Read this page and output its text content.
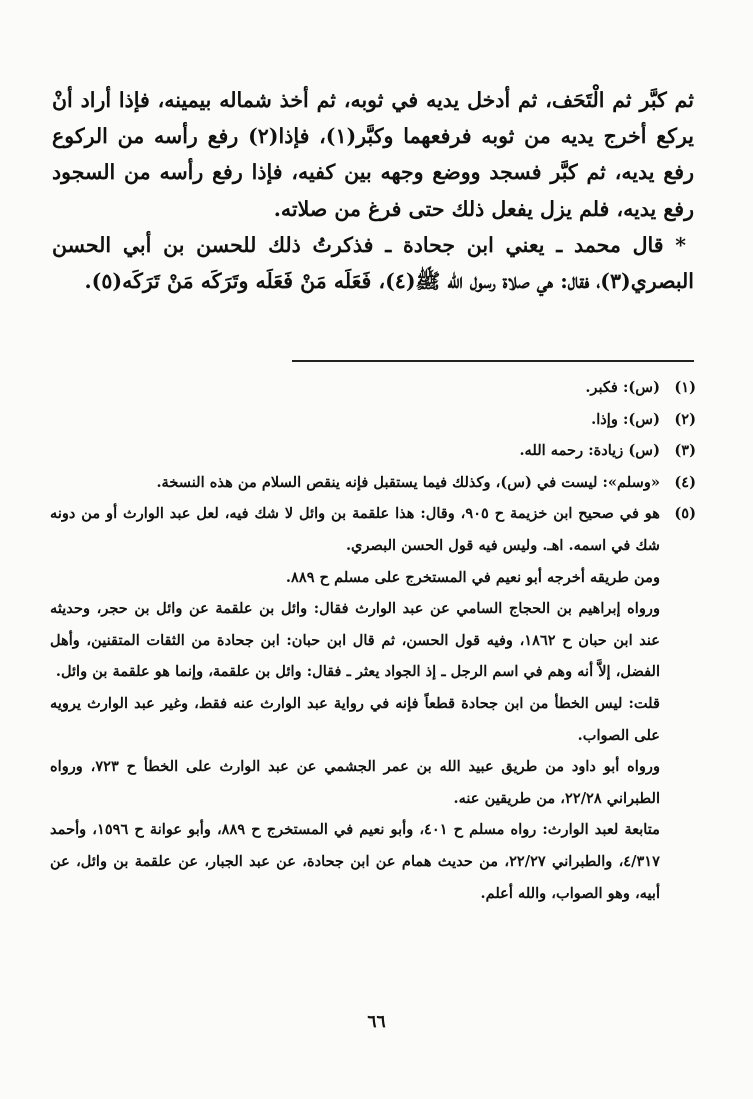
ثم كبَّر ثم الْتَحَف، ثم أدخل يديه في ثوبه، ثم أخذ شماله بيمينه، فإذا أراد أنْ يركع أخرج يديه من ثوبه فرفعهما وكبَّر(١)، فإذا(٢) رفع رأسه من الركوع رفع يديه، ثم كبَّر فسجد ووضع وجهه بين كفيه، فإذا رفع رأسه من السجود رفع يديه، فلم يزل يفعل ذلك حتى فرغ من صلاته.

* قال محمد ـ يعني ابن جحادة ـ فذكرتُ ذلك للحسن بن أبي الحسن البصري(٣)، فقال: هي صلاة رسول الله ﷺ(٤)، فَعَلَه مَنْ فَعَلَه وتَرَكَه مَنْ تَرَكَه(٥).

(١)
(س): فكبر.
(٢)
(س): وإذا.
(٣)
(س) زيادة: رحمه الله.
(٤)
«وسلم»: ليست في (س)، وكذلك فيما يستقبل فإنه ينقص السلام من هذه النسخة.
(٥)
هو في صحيح ابن خزيمة ح ٩٠٥، وقال: هذا علقمة بن وائل لا شك فيه، لعل عبد الوارث أو من دونه شك في اسمه. اهـ. وليس فيه قول الحسن البصري.

ومن طريقه أخرجه أبو نعيم في المستخرج على مسلم ح ٨٨٩.

ورواه إبراهيم بن الحجاج السامي عن عبد الوارث فقال: وائل بن علقمة عن وائل بن حجر، وحديثه عند ابن حبان ح ١٨٦٢، وفيه قول الحسن، ثم قال ابن حبان: ابن جحادة من الثقات المتقنين، وأهل الفضل، إلاَّ أنه وهم في اسم الرجل ـ إذ الجواد يعثر ـ فقال: وائل بن علقمة، وإنما هو علقمة بن وائل.

قلت: ليس الخطأ من ابن جحادة قطعاً فإنه في رواية عبد الوارث عنه فقط، وغير عبد الوارث يرويه على الصواب.

ورواه أبو داود من طريق عبيد الله بن عمر الجشمي عن عبد الوارث على الخطأ ح ٧٢٣، ورواه الطبراني ٢٢/٢٨، من طريقين عنه.

متابعة لعبد الوارث: رواه مسلم ح ٤٠١، وأبو نعيم في المستخرج ح ٨٨٩، وأبو عوانة ح ١٥٩٦، وأحمد ٤/٣١٧، والطبراني ٢٢/٢٧، من حديث همام عن ابن جحادة، عن عبد الجبار، عن علقمة بن وائل، عن أبيه، وهو الصواب، والله أعلم.

٦٦
